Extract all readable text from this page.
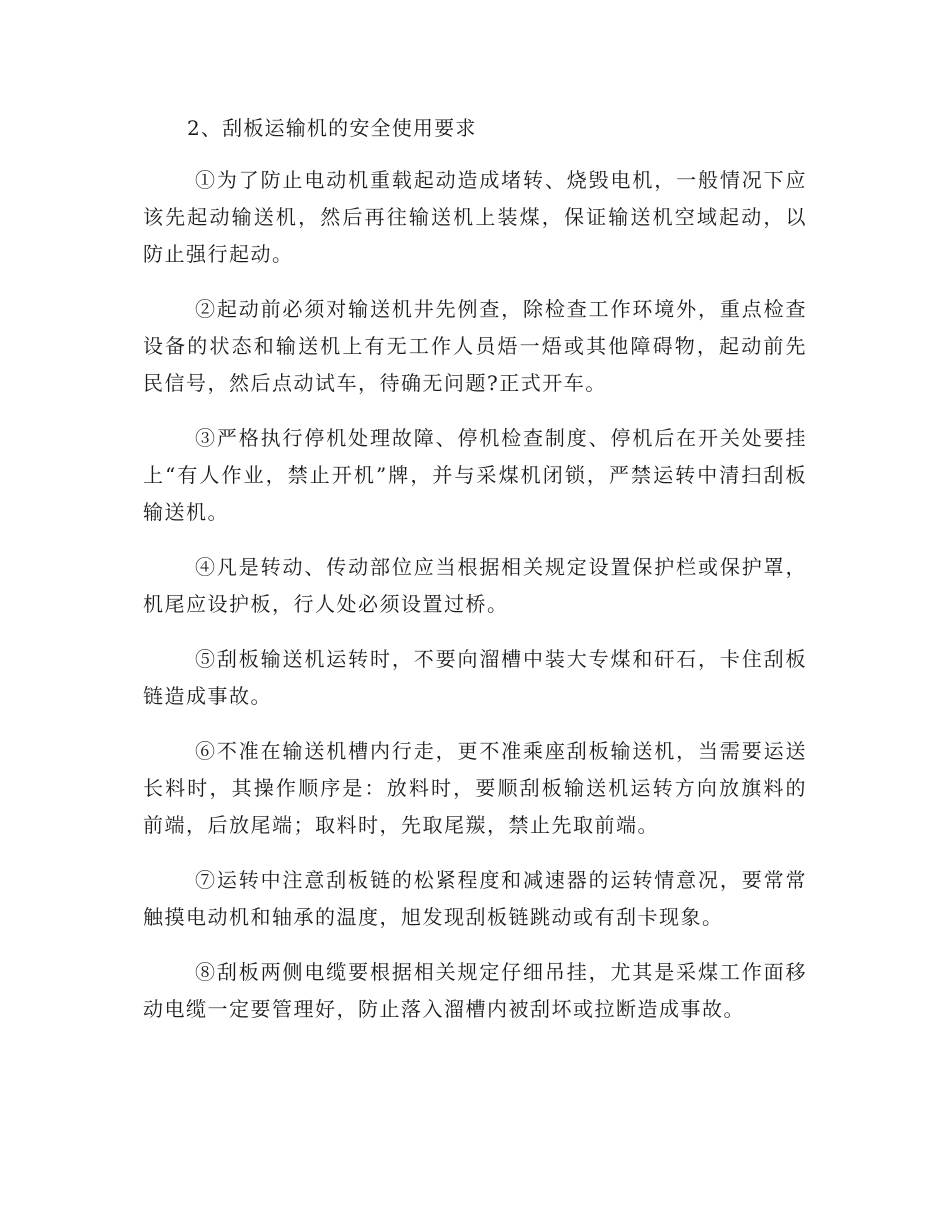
2、刮板运输机的安全使用要求

①为了防止电动机重载起动造成堵转、烧毁电机，一般情况下应该先起动输送机，然后再往输送机上装煤，保证输送机空域起动，以防止强行起动。

②起动前必须对输送机井先例查，除检查工作环境外，重点检查设备的状态和输送机上有无工作人员焐一焐或其他障碍物，起动前先民信号，然后点动试车，待确无问题?正式开车。

③严格执行停机处理故障、停机检查制度、停机后在开关处要挂上“有人作业，禁止开机”牌，并与采煤机闭锁，严禁运转中清扫刮板输送机。

④凡是转动、传动部位应当根据相关规定设置保护栏或保护罩，机尾应设护板，行人处必须设置过桥。

⑤刮板输送机运转时，不要向溜槽中装大专煤和矸石，卡住刮板链造成事故。

⑥不准在输送机槽内行走，更不准乘座刮板输送机，当需要运送长料时，其操作顺序是：放料时，要顺刮板输送机运转方向放旗料的前端，后放尾端；取料时，先取尾羰，禁止先取前端。

⑦运转中注意刮板链的松紧程度和减速器的运转情意况，要常常触摸电动机和轴承的温度，旭发现刮板链跳动或有刮卡现象。

⑧刮板两侧电缆要根据相关规定仔细吊挂，尤其是采煤工作面移动电缆一定要管理好，防止落入溜槽内被刮坏或拉断造成事故。
